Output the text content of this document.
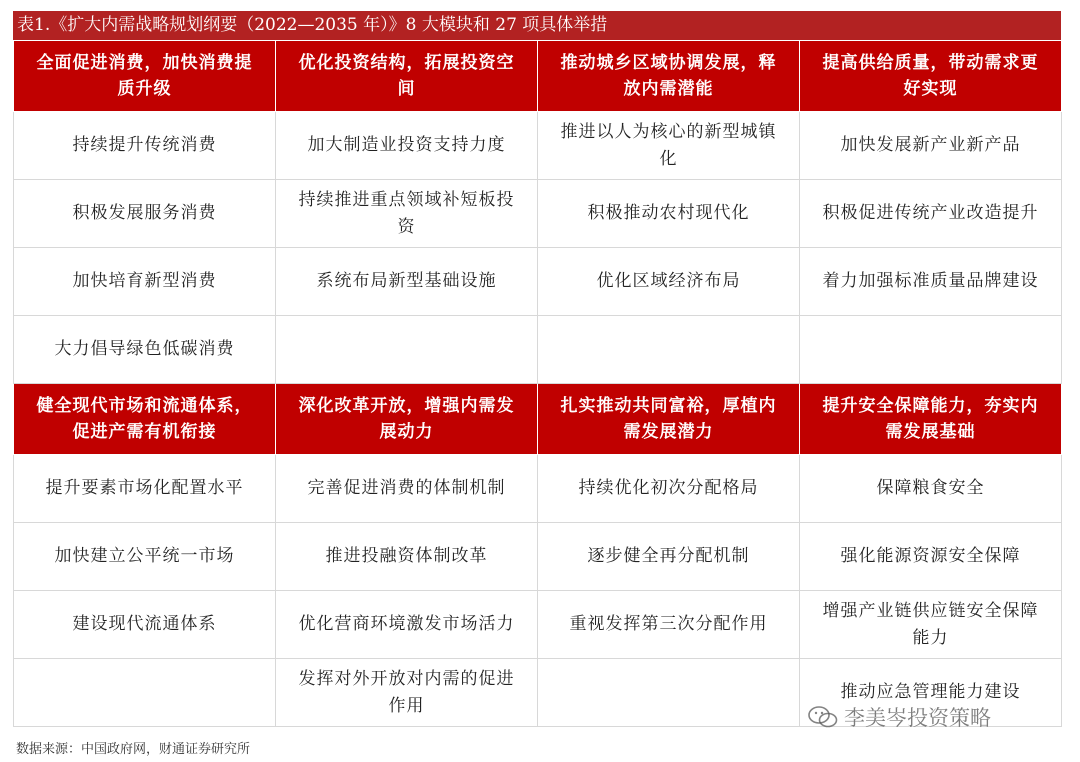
表1.《扩大内需战略规划纲要（2022—2035 年）》8 大模块和 27 项具体举措
全面促进消费，加快消费提质升级	优化投资结构，拓展投资空间	推动城乡区域协调发展，释放内需潜能	提高供给质量，带动需求更好实现
持续提升传统消费	加大制造业投资支持力度	推进以人为核心的新型城镇化	加快发展新产业新产品
积极发展服务消费	持续推进重点领域补短板投资	积极推动农村现代化	积极促进传统产业改造提升
加快培育新型消费	系统布局新型基础设施	优化区域经济布局	着力加强标准质量品牌建设
大力倡导绿色低碳消费			
健全现代市场和流通体系，促进产需有机衔接	深化改革开放，增强内需发展动力	扎实推动共同富裕，厚植内需发展潜力	提升安全保障能力，夯实内需发展基础
提升要素市场化配置水平	完善促进消费的体制机制	持续优化初次分配格局	保障粮食安全
加快建立公平统一市场	推进投融资体制改革	逐步健全再分配机制	强化能源资源安全保障
建设现代流通体系	优化营商环境激发市场活力	重视发挥第三次分配作用	增强产业链供应链安全保障能力
	发挥对外开放对内需的促进作用		推动应急管理能力建设
数据来源：中国政府网，财通证券研究所
李美岑投资策略
